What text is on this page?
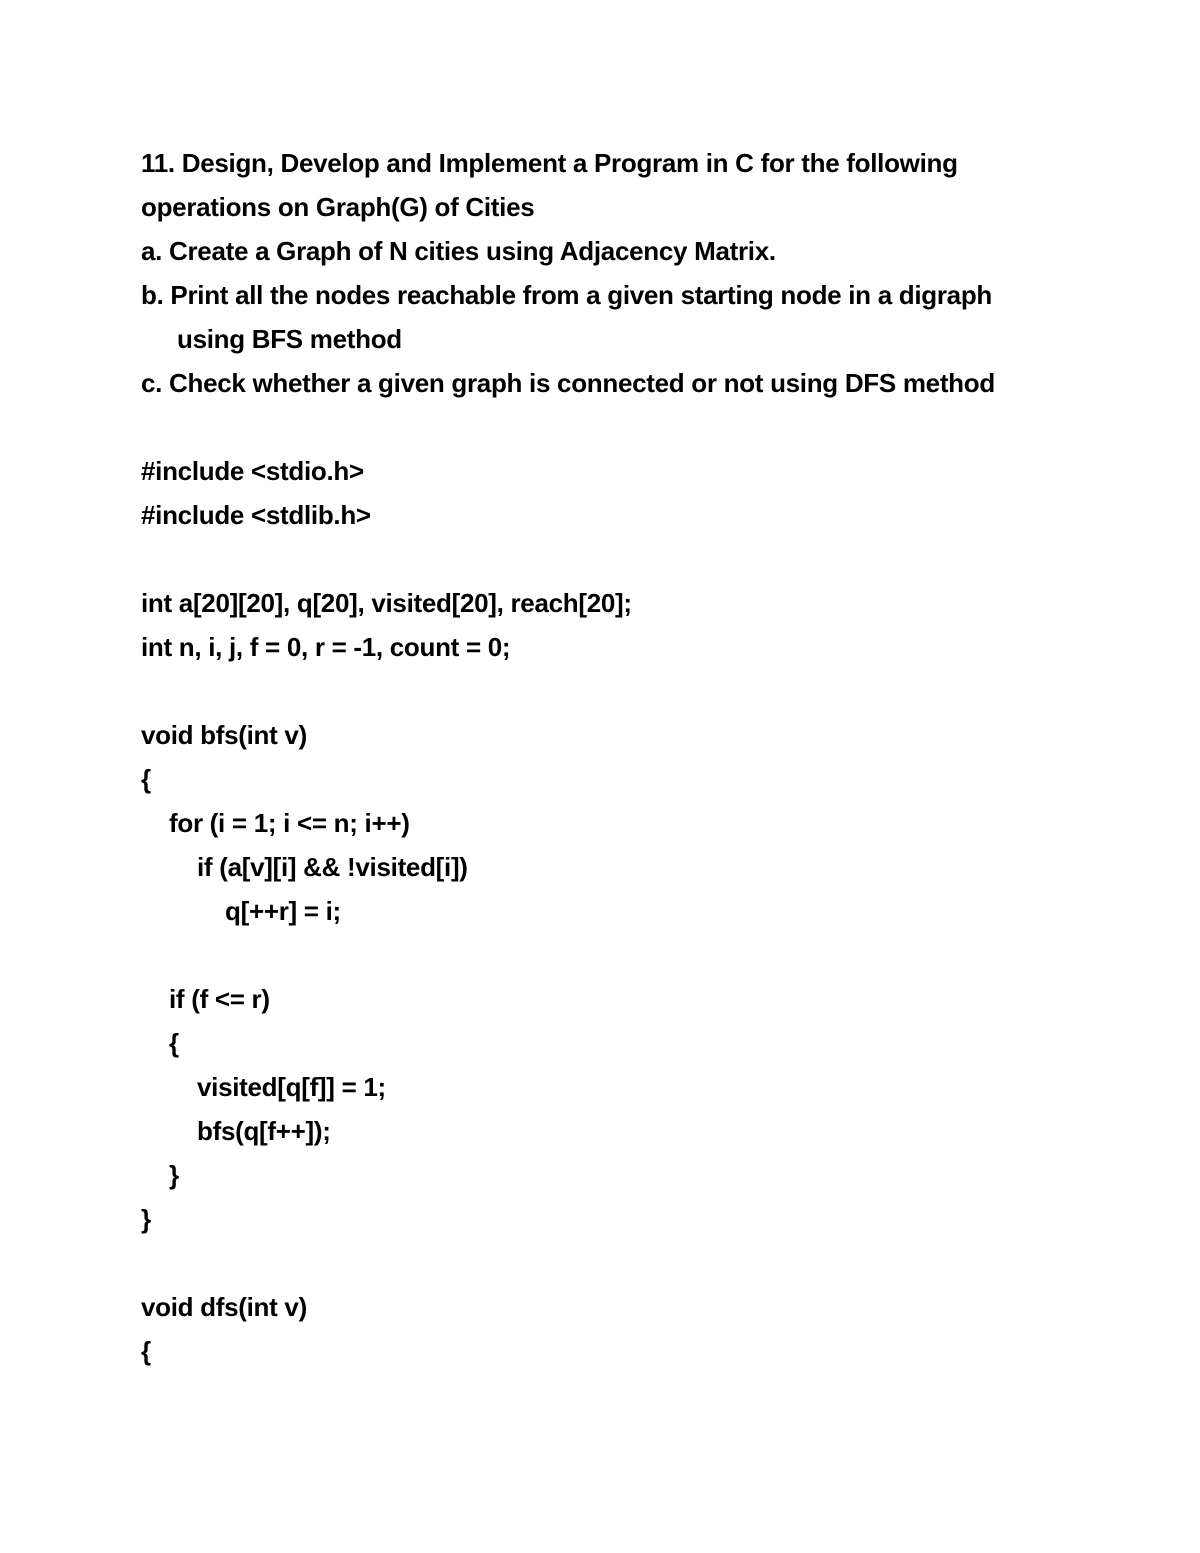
11. Design, Develop and Implement a Program in C for the following
operations on Graph(G) of Cities
a. Create a Graph of N cities using Adjacency Matrix.
b. Print all the nodes reachable from a given starting node in a digraph
using BFS method
c. Check whether a given graph is connected or not using DFS method
#include <stdio.h>
#include <stdlib.h>
int a[20][20], q[20], visited[20], reach[20];
int n, i, j, f = 0, r = -1, count = 0;
void bfs(int v)
{
for (i = 1; i <= n; i++)
if (a[v][i] && !visited[i])
q[++r] = i;
if (f <= r)
{
visited[q[f]] = 1;
bfs(q[f++]);
}
}
void dfs(int v)
{
